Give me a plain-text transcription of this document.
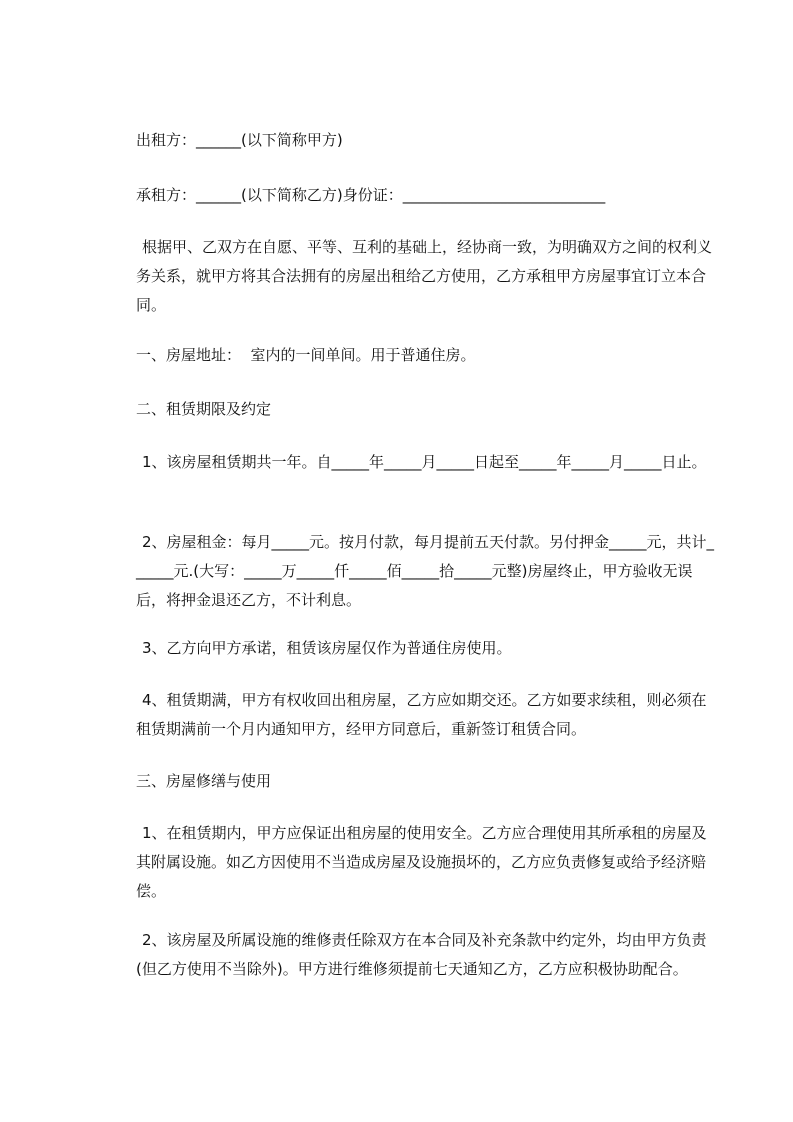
出租方：______(以下简称甲方)

承租方：______(以下简称乙方)身份证：___________________________

根据甲、乙双方在自愿、平等、互利的基础上，经协商一致，为明确双方之间的权利义务关系，就甲方将其合法拥有的房屋出租给乙方使用，乙方承租甲方房屋事宜订立本合同。

一、房屋地址：  室内的一间单间。用于普通住房。

二、租赁期限及约定

1、该房屋租赁期共一年。自_____年_____月_____日起至_____年_____月_____日止。

2、房屋租金：每月_____元。按月付款，每月提前五天付款。另付押金_____元，共计______元.(大写：_____万_____仟_____佰_____拾_____元整)房屋终止，甲方验收无误后，将押金退还乙方，不计利息。

3、乙方向甲方承诺，租赁该房屋仅作为普通住房使用。

4、租赁期满，甲方有权收回出租房屋，乙方应如期交还。乙方如要求续租，则必须在租赁期满前一个月内通知甲方，经甲方同意后，重新签订租赁合同。

三、房屋修缮与使用

1、在租赁期内，甲方应保证出租房屋的使用安全。乙方应合理使用其所承租的房屋及其附属设施。如乙方因使用不当造成房屋及设施损坏的，乙方应负责修复或给予经济赔偿。

2、该房屋及所属设施的维修责任除双方在本合同及补充条款中约定外，均由甲方负责(但乙方使用不当除外)。甲方进行维修须提前七天通知乙方，乙方应积极协助配合。
